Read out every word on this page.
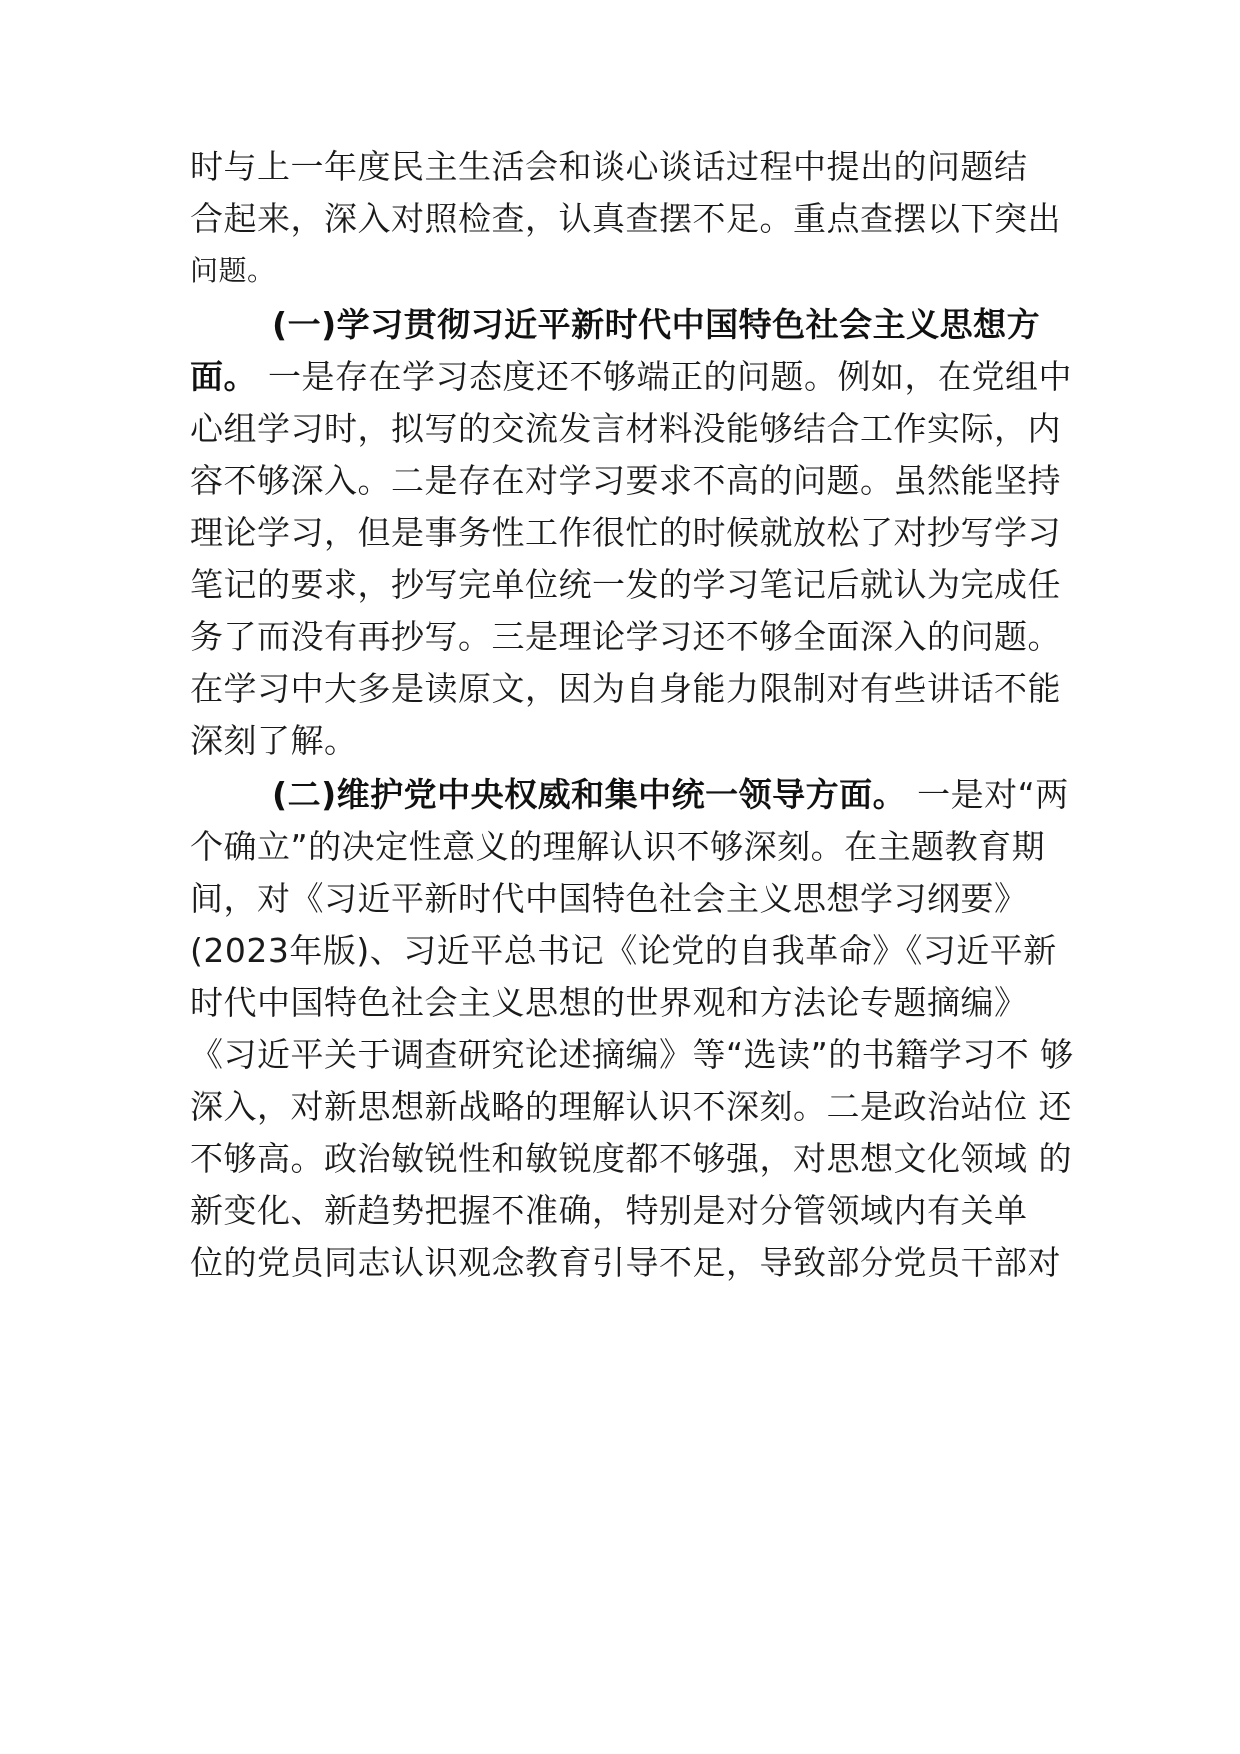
时与上一年度民主生活会和谈心谈话过程中提出的问题结
合起来，深入对照检查，认真查摆不足。重点查摆以下突出
问题。
(一)学习贯彻习近平新时代中国特色社会主义思想方
面。 一是存在学习态度还不够端正的问题。例如，在党组中
心组学习时，拟写的交流发言材料没能够结合工作实际，内
容不够深入。二是存在对学习要求不高的问题。虽然能坚持
理论学习，但是事务性工作很忙的时候就放松了对抄写学习
笔记的要求，抄写完单位统一发的学习笔记后就认为完成任
务了而没有再抄写。三是理论学习还不够全面深入的问题。
在学习中大多是读原文，因为自身能力限制对有些讲话不能
深刻了解。
(二)维护党中央权威和集中统一领导方面。 一是对“两
个确立”的决定性意义的理解认识不够深刻。在主题教育期
间，对《习近平新时代中国特色社会主义思想学习纲要》
(2023年版)、习近平总书记《论党的自我革命》《习近平新
时代中国特色社会主义思想的世界观和方法论专题摘编》
《习近平关于调查研究论述摘编》等“选读”的书籍学习不 够
深入，对新思想新战略的理解认识不深刻。二是政治站位 还
不够高。政治敏锐性和敏锐度都不够强，对思想文化领域 的
新变化、新趋势把握不准确，特别是对分管领域内有关单
位的党员同志认识观念教育引导不足，导致部分党员干部对
